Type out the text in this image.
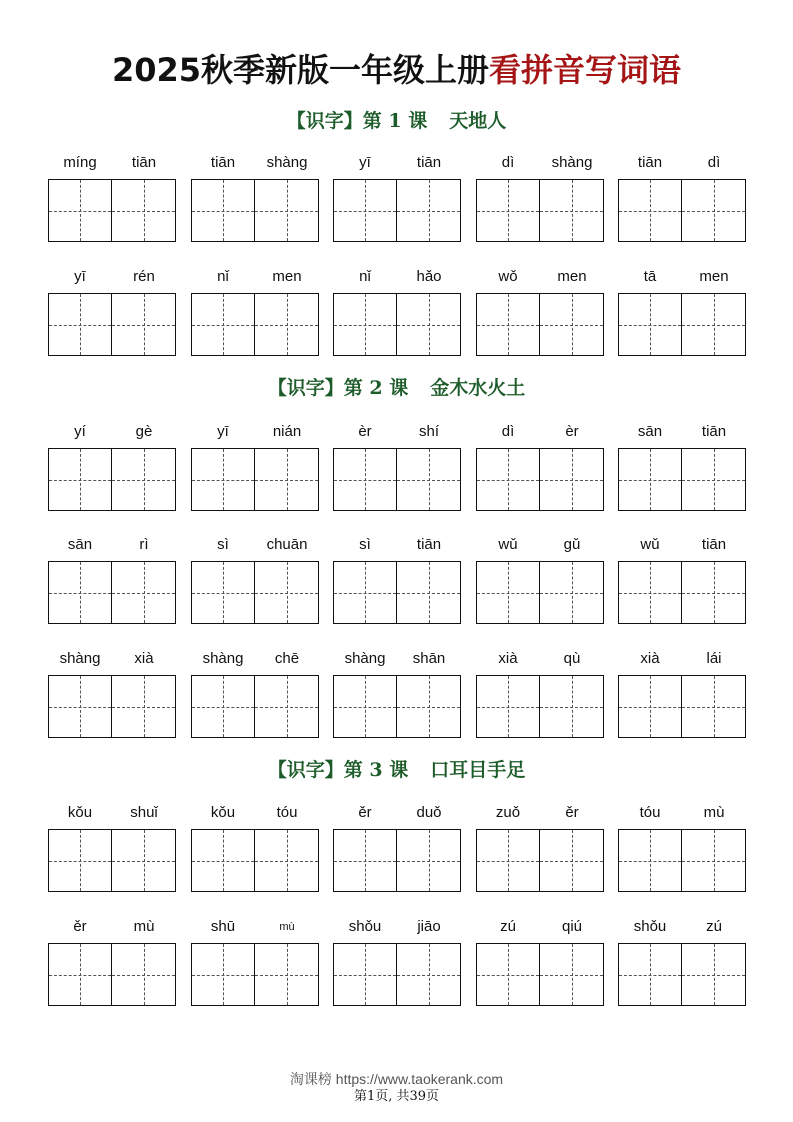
2025秋季新版一年级上册看拼音写词语
【识字】第 1 课 天地人
míng	tiān	tiān	shàng	yī	tiān	dì	shàng	tiān	dì
yī	rén	nǐ	men	nǐ	hǎo	wǒ	men	tā	men
【识字】第 2 课 金木水火土
yí	gè	yī	nián	èr	shí	dì	èr	sān	tiān
sān	rì	sì	chuān	sì	tiān	wǔ	gǔ	wǔ	tiān
shàng	xià	shàng	chē	shàng	shān	xià	qù	xià	lái
【识字】第 3 课 口耳目手足
kǒu	shuǐ	kǒu	tóu	ěr	duǒ	zuǒ	ěr	tóu	mù
ěr	mù	shū	mù	shǒu	jiāo	zú	qiú	shǒu	zú
淘课榜 https://www.taokerank.com
第1页, 共39页
